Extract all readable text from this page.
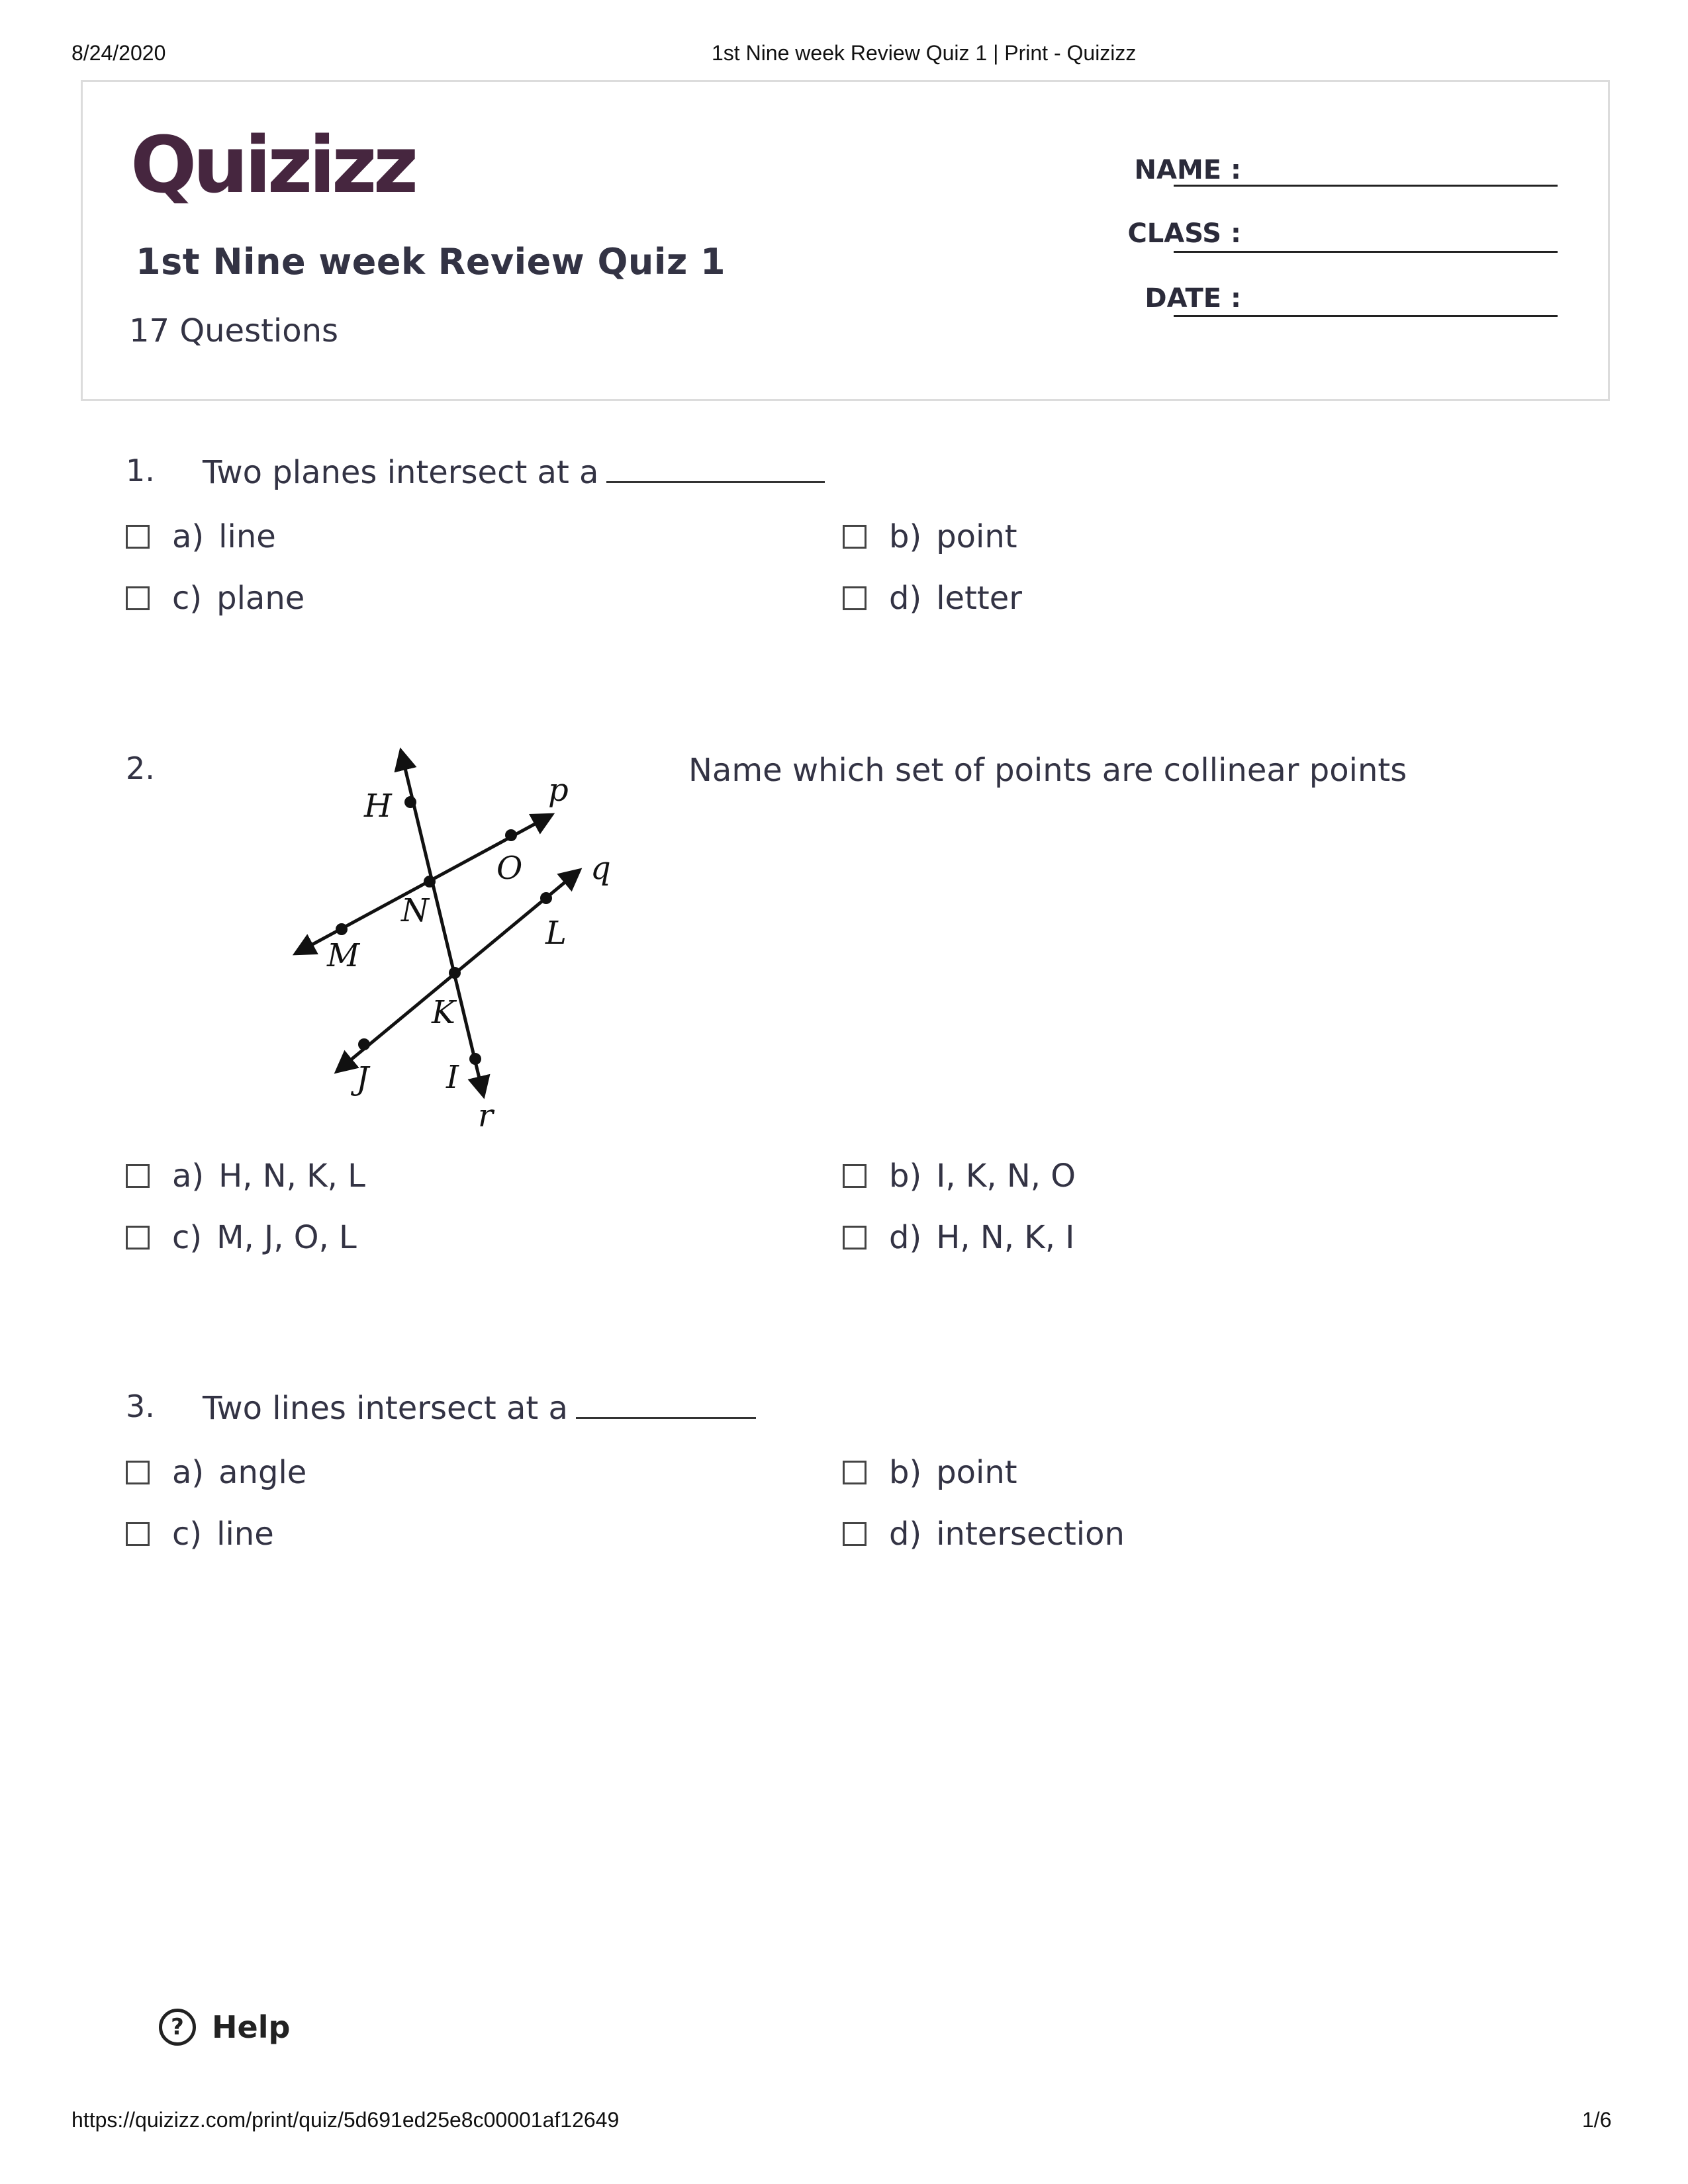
8/24/2020	1st Nine week Review Quiz 1 | Print - Quizizz
Quizizz
1st Nine week Review Quiz 1
17 Questions
NAME :
CLASS :
DATE :
1. Two planes intersect at a
a) line	b) point
c) plane	d) letter
2.
H	p
O q
N
M
L
K
J I
r
Name which set of points are collinear points
a) H, N, K, L	b) I, K, N, O
c) M, J, O, L	d) H, N, K, I
3. Two lines intersect at a
a) angle	b) point
c) line	d) intersection
? Help
https://quizizz.com/print/quiz/5d691ed25e8c00001af12649	1/6
